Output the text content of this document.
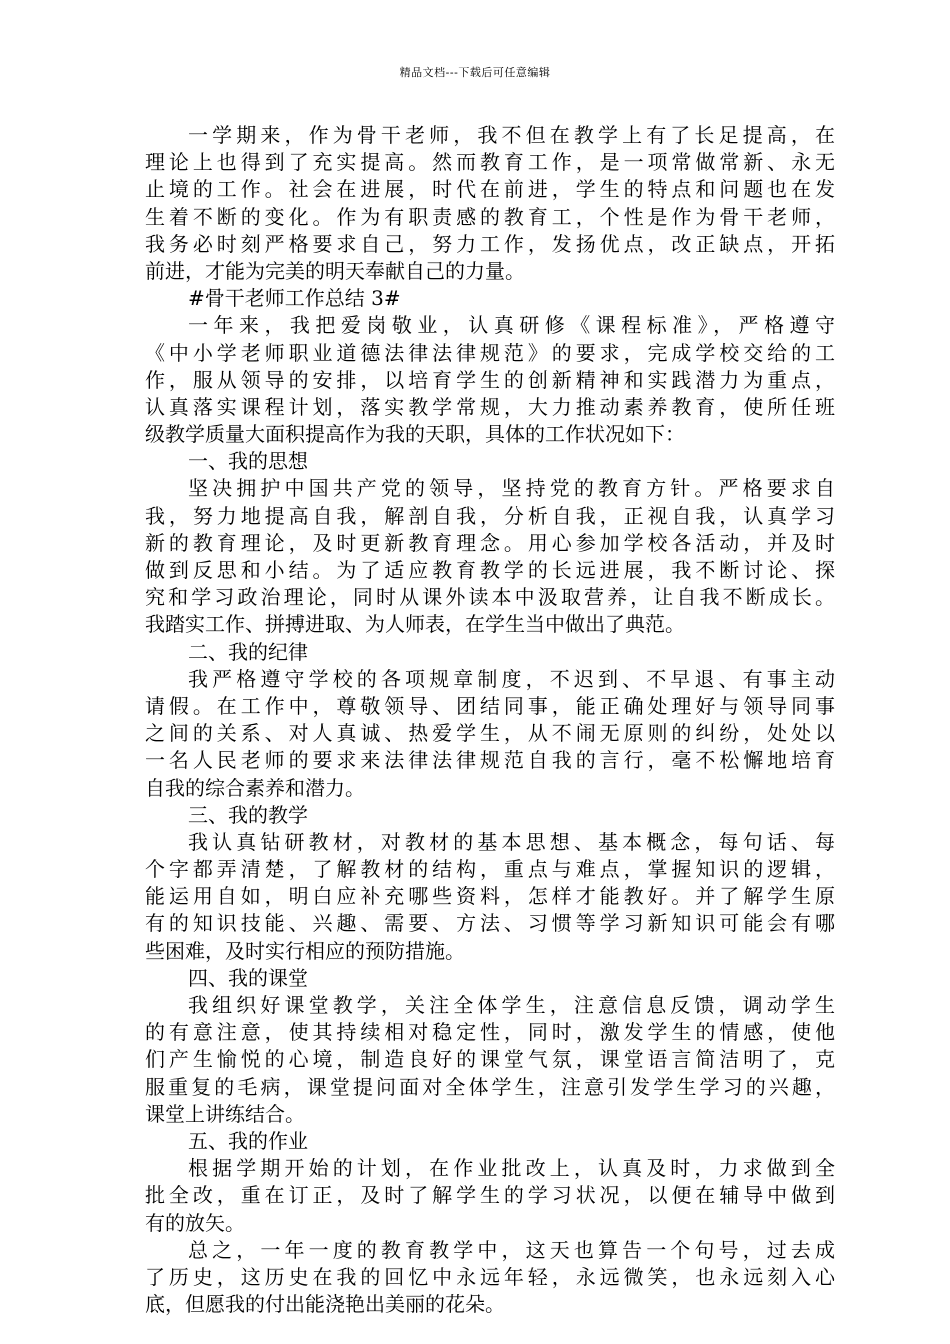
精品文档---下载后可任意编辑
一学期来，作为骨干老师，我不但在教学上有了长足提高，在
理论上也得到了充实提高。然而教育工作，是一项常做常新、永无
止境的工作。社会在进展，时代在前进，学生的特点和问题也在发
生着不断的变化。作为有职责感的教育工，个性是作为骨干老师，
我务必时刻严格要求自己，努力工作，发扬优点，改正缺点，开拓
前进，才能为完美的明天奉献自己的力量。
#骨干老师工作总结 3#
一年来，我把爱岗敬业，认真研修《课程标准》，严格遵守
《中小学老师职业道德法律法律规范》的要求，完成学校交给的工
作，服从领导的安排，以培育学生的创新精神和实践潜力为重点，
认真落实课程计划，落实教学常规，大力推动素养教育，使所任班
级教学质量大面积提高作为我的天职，具体的工作状况如下：
一、我的思想
坚决拥护中国共产党的领导，坚持党的教育方针。严格要求自
我，努力地提高自我，解剖自我，分析自我，正视自我，认真学习
新的教育理论，及时更新教育理念。用心参加学校各活动，并及时
做到反思和小结。为了适应教育教学的长远进展，我不断讨论、探
究和学习政治理论，同时从课外读本中汲取营养，让自我不断成长。
我踏实工作、拼搏进取、为人师表，在学生当中做出了典范。
二、我的纪律
我严格遵守学校的各项规章制度，不迟到、不早退、有事主动
请假。在工作中，尊敬领导、团结同事，能正确处理好与领导同事
之间的关系、对人真诚、热爱学生，从不闹无原则的纠纷，处处以
一名人民老师的要求来法律法律规范自我的言行，毫不松懈地培育
自我的综合素养和潜力。
三、我的教学
我认真钻研教材，对教材的基本思想、基本概念，每句话、每
个字都弄清楚，了解教材的结构，重点与难点，掌握知识的逻辑，
能运用自如，明白应补充哪些资料，怎样才能教好。并了解学生原
有的知识技能、兴趣、需要、方法、习惯等学习新知识可能会有哪
些困难，及时实行相应的预防措施。
四、我的课堂
我组织好课堂教学，关注全体学生，注意信息反馈，调动学生
的有意注意，使其持续相对稳定性，同时，激发学生的情感，使他
们产生愉悦的心境，制造良好的课堂气氛，课堂语言简洁明了，克
服重复的毛病，课堂提问面对全体学生，注意引发学生学习的兴趣，
课堂上讲练结合。
五、我的作业
根据学期开始的计划，在作业批改上，认真及时，力求做到全
批全改，重在订正，及时了解学生的学习状况，以便在辅导中做到
有的放矢。
总之，一年一度的教育教学中，这天也算告一个句号，过去成
了历史，这历史在我的回忆中永远年轻，永远微笑，也永远刻入心
底，但愿我的付出能浇艳出美丽的花朵。
